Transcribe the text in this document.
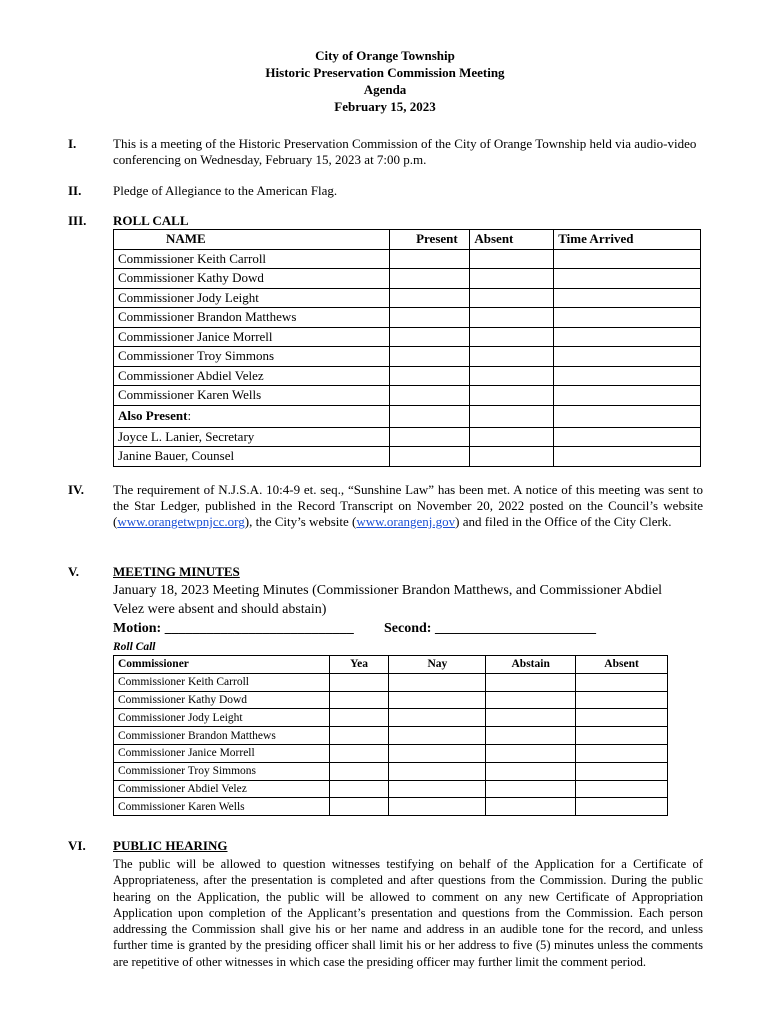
City of Orange Township
Historic Preservation Commission Meeting
Agenda
February 15, 2023
I.	This is a meeting of the Historic Preservation Commission of the City of Orange Township held via audio-video conferencing on Wednesday, February 15, 2023 at 7:00 p.m.
II. Pledge of Allegiance to the American Flag.
III. ROLL CALL
NAME	Present	Absent	Time Arrived
Commissioner Keith Carroll			
Commissioner Kathy Dowd			
Commissioner Jody Leight			
Commissioner Brandon Matthews			
Commissioner Janice Morrell			
Commissioner Troy Simmons			
Commissioner Abdiel Velez			
Commissioner Karen Wells			
Also Present:			
Joyce L. Lanier, Secretary			
Janine Bauer, Counsel			
IV. The requirement of N.J.S.A. 10:4-9 et. seq., “Sunshine Law” has been met. A notice of this meeting was sent to the Star Ledger, published in the Record Transcript on November 20, 2022 posted on the Council’s website (www.orangetwpnjcc.org), the City’s website (www.orangenj.gov) and filed in the Office of the City Clerk.
V.	MEETING MINUTES
January 18, 2023 Meeting Minutes (Commissioner Brandon Matthews, and Commissioner Abdiel Velez were absent and should abstain)
Motion: ___________________________ Second: _______________________
Roll Call
Commissioner	Yea	Nay	Abstain	Absent
Commissioner Keith Carroll				
Commissioner Kathy Dowd				
Commissioner Jody Leight				
Commissioner Brandon Matthews				
Commissioner Janice Morrell				
Commissioner Troy Simmons				
Commissioner Abdiel Velez				
Commissioner Karen Wells				
VI. PUBLIC HEARING
The public will be allowed to question witnesses testifying on behalf of the Application for a Certificate of Appropriateness, after the presentation is completed and after questions from the Commission. During the public hearing on the Application, the public will be allowed to comment on any new Certificate of Appropriation Application upon completion of the Applicant’s presentation and questions from the Commission. Each person addressing the Commission shall give his or her name and address in an audible tone for the record, and unless further time is granted by the presiding officer shall limit his or her address to five (5) minutes unless the comments are repetitive of other witnesses in which case the presiding officer may further limit the comment period.
